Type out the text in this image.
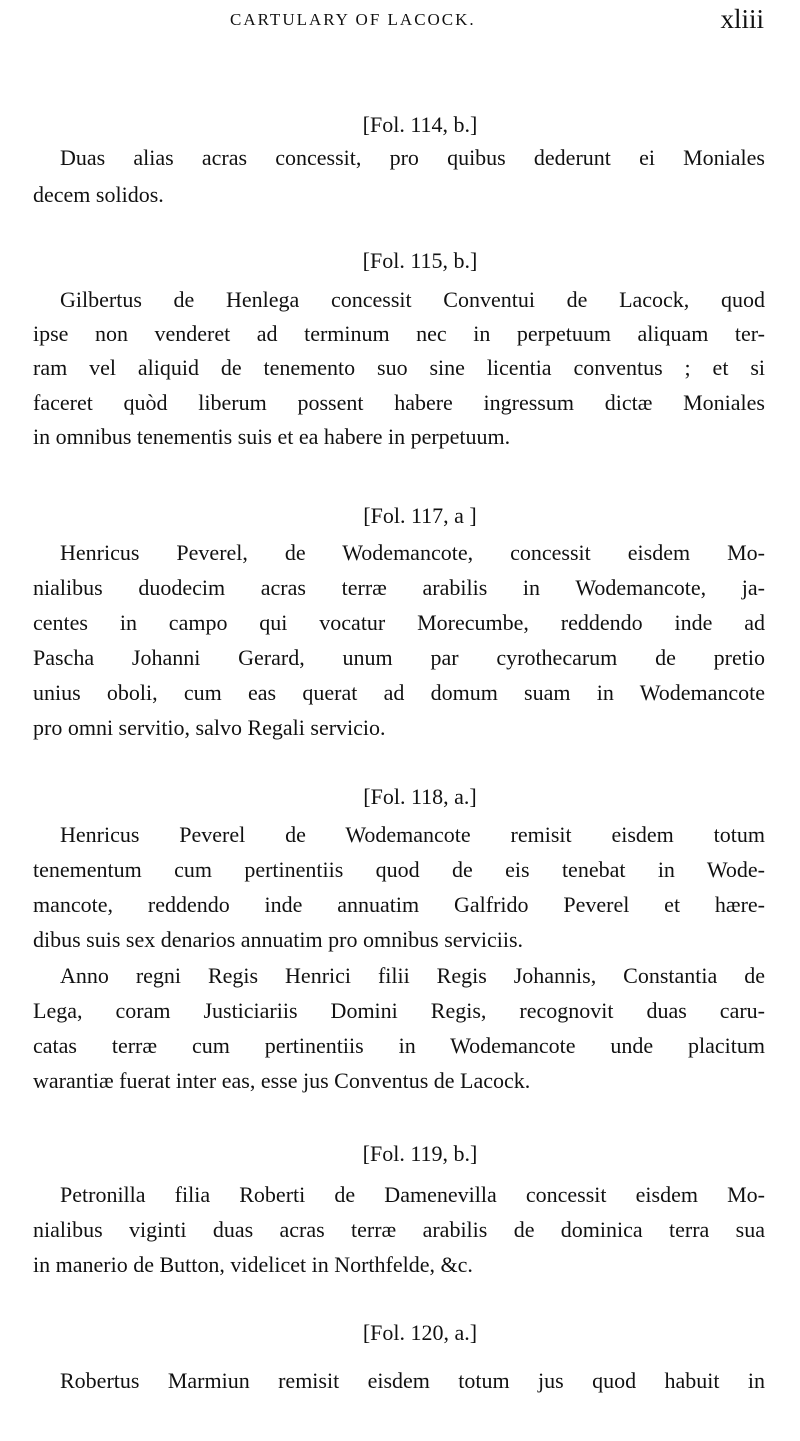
CARTULARY OF LACOCK.	xliii
[Fol. 114, b.]
Duas alias acras concessit, pro quibus dederunt ei Moniales
decem solidos.
[Fol. 115, b.]
Gilbertus de Henlega concessit Conventui de Lacock, quod
ipse non venderet ad terminum nec in perpetuum aliquam ter-
ram vel aliquid de tenemento suo sine licentia conventus ; et si
faceret quòd liberum possent habere ingressum dictæ Moniales
in omnibus tenementis suis et ea habere in perpetuum.
[Fol. 117, a ]
Henricus Peverel, de Wodemancote, concessit eisdem Mo-
nialibus duodecim acras terræ arabilis in Wodemancote, ja-
centes in campo qui vocatur Morecumbe, reddendo inde ad
Pascha Johanni Gerard, unum par cyrothecarum de pretio
unius oboli, cum eas querat ad domum suam in Wodemancote
pro omni servitio, salvo Regali servicio.
[Fol. 118, a.]
Henricus Peverel de Wodemancote remisit eisdem totum
tenementum cum pertinentiis quod de eis tenebat in Wode-
mancote, reddendo inde annuatim Galfrido Peverel et hære-
dibus suis sex denarios annuatim pro omnibus serviciis.
Anno regni Regis Henrici filii Regis Johannis, Constantia de
Lega, coram Justiciariis Domini Regis, recognovit duas caru-
catas terræ cum pertinentiis in Wodemancote unde placitum
warantiæ fuerat inter eas, esse jus Conventus de Lacock.
[Fol. 119, b.]
Petronilla filia Roberti de Damenevilla concessit eisdem Mo-
nialibus viginti duas acras terræ arabilis de dominica terra sua
in manerio de Button, videlicet in Northfelde, &c.
[Fol. 120, a.]
Robertus Marmiun remisit eisdem totum jus quod habuit in
